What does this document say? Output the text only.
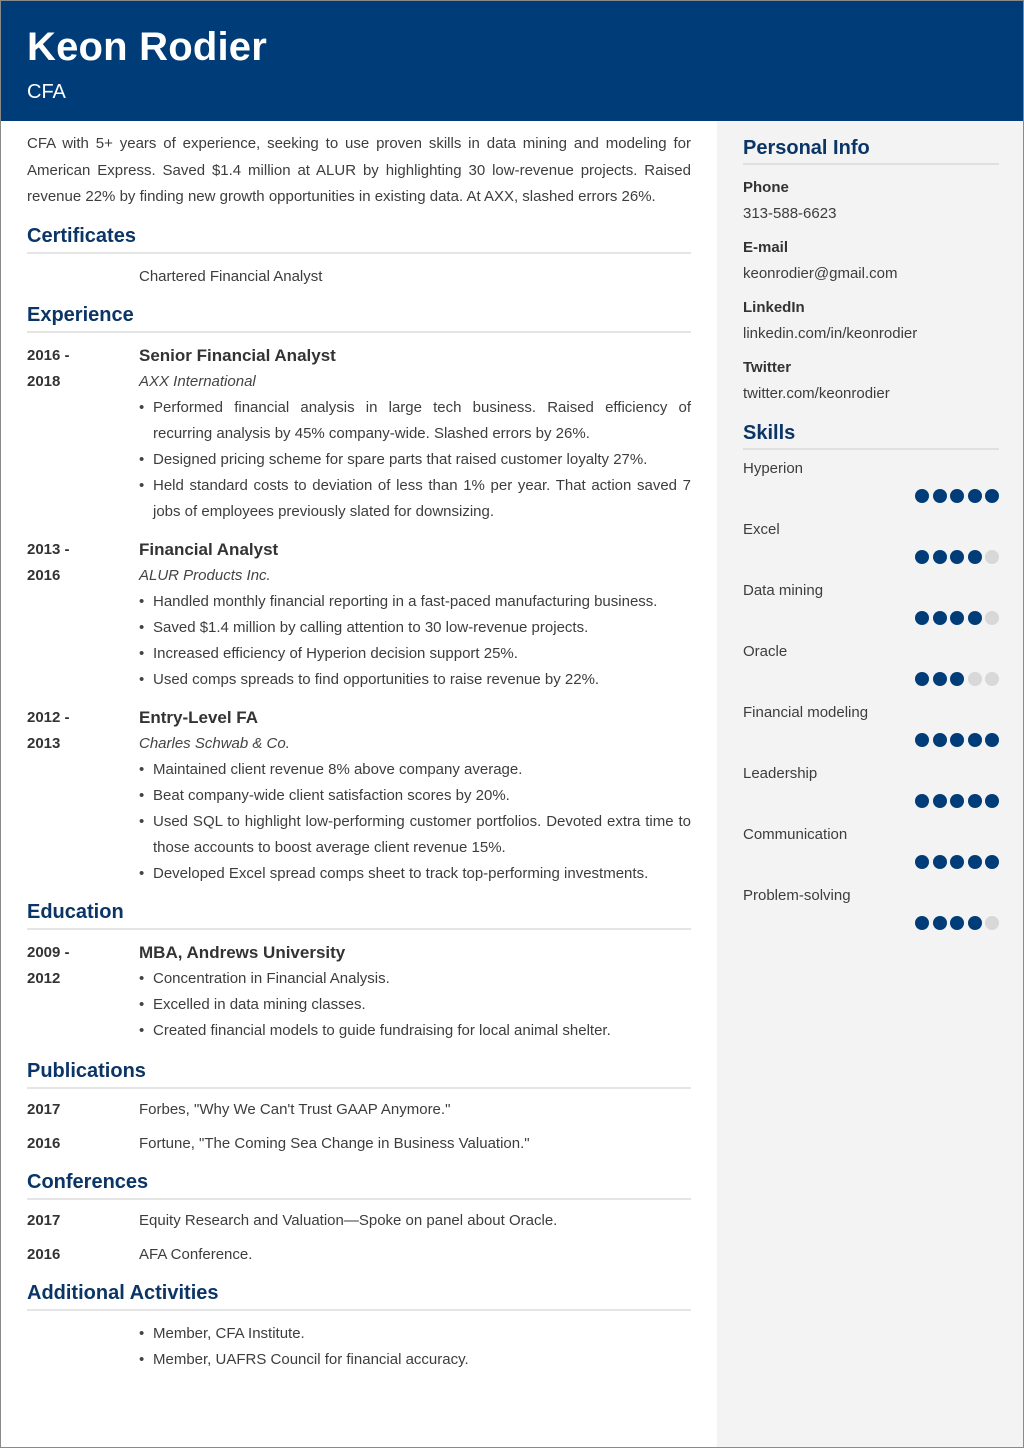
Keon Rodier
CFA
Personal Info
Phone
313-588-6623
E-mail
keonrodier@gmail.com
LinkedIn
linkedin.com/in/keonrodier
Twitter
twitter.com/keonrodier
Skills
Hyperion
Excel
Data mining
Oracle
Financial modeling
Leadership
Communication
Problem-solving

CFA with 5+ years of experience, seeking to use proven skills in data mining and modeling for American Express. Saved $1.4 million at ALUR by highlighting 30 low-revenue projects. Raised revenue 22% by finding new growth opportunities in existing data. At AXX, slashed errors 26%.

Certificates
Chartered Financial Analyst
Experience
2016 -
2018
Senior Financial Analyst
AXX International
• Performed financial analysis in large tech business. Raised efficiency of recurring analysis by 45% company-wide. Slashed errors by 26%.
• Designed pricing scheme for spare parts that raised customer loyalty 27%.
• Held standard costs to deviation of less than 1% per year. That action saved 7 jobs of employees previously slated for downsizing.
2013 -
2016
Financial Analyst
ALUR Products Inc.
• Handled monthly financial reporting in a fast-paced manufacturing business.
• Saved $1.4 million by calling attention to 30 low-revenue projects.
• Increased efficiency of Hyperion decision support 25%.
• Used comps spreads to find opportunities to raise revenue by 22%.
2012 -
2013
Entry-Level FA
Charles Schwab & Co.
• Maintained client revenue 8% above company average.
• Beat company-wide client satisfaction scores by 20%.
• Used SQL to highlight low-performing customer portfolios. Devoted extra time to those accounts to boost average client revenue 15%.
• Developed Excel spread comps sheet to track top-performing investments.
Education
2009 -
2012
MBA, Andrews University
• Concentration in Financial Analysis.
• Excelled in data mining classes.
• Created financial models to guide fundraising for local animal shelter.
Publications
2017	Forbes, "Why We Can't Trust GAAP Anymore."
2016	Fortune, "The Coming Sea Change in Business Valuation."
Conferences
2017	Equity Research and Valuation—Spoke on panel about Oracle.
2016	AFA Conference.
Additional Activities
• Member, CFA Institute.
• Member, UAFRS Council for financial accuracy.
